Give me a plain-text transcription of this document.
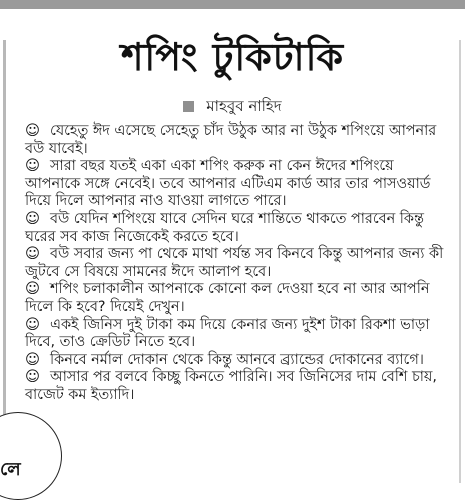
শপিং টুকিটাকি
মাহবুব নাহিদ

☺ যেহেতু ঈদ এসেছে সেহেতু চাঁদ উঠুক আর না উঠুক শপিংয়ে আপনার বউ যাবেই।

☺ সারা বছর যতই একা একা শপিং করুক না কেন ঈদের শপিংয়ে আপনাকে সঙ্গে নেবেই। তবে আপনার এটিএম কার্ড আর তার পাসওয়ার্ড দিয়ে দিলে আপনার নাও যাওয়া লাগতে পারে।

☺ বউ যেদিন শপিংয়ে যাবে সেদিন ঘরে শান্তিতে থাকতে পারবেন কিন্তু ঘরের সব কাজ নিজেকেই করতে হবে।

☺ বউ সবার জন্য পা থেকে মাথা পর্যন্ত সব কিনবে কিন্তু আপনার জন্য কী জুটবে সে বিষয়ে সামনের ঈদে আলাপ হবে।

☺ শপিং চলাকালীন আপনাকে কোনো কল দেওয়া হবে না আর আপনি দিলে কি হবে? দিয়েই দেখুন।

☺ একই জিনিস দুই টাকা কম দিয়ে কেনার জন্য দুইশ টাকা রিকশা ভাড়া দিবে, তাও ক্রেডিট নিতে হবে।

☺ কিনবে নর্মাল দোকান থেকে কিন্তু আনবে ব্র্যান্ডের দোকানের ব্যাগে।

☺ আসার পর বলবে কিচ্ছু কিনতে পারিনি। সব জিনিসের দাম বেশি চায়, বাজেট কম ইত্যাদি।

লে
